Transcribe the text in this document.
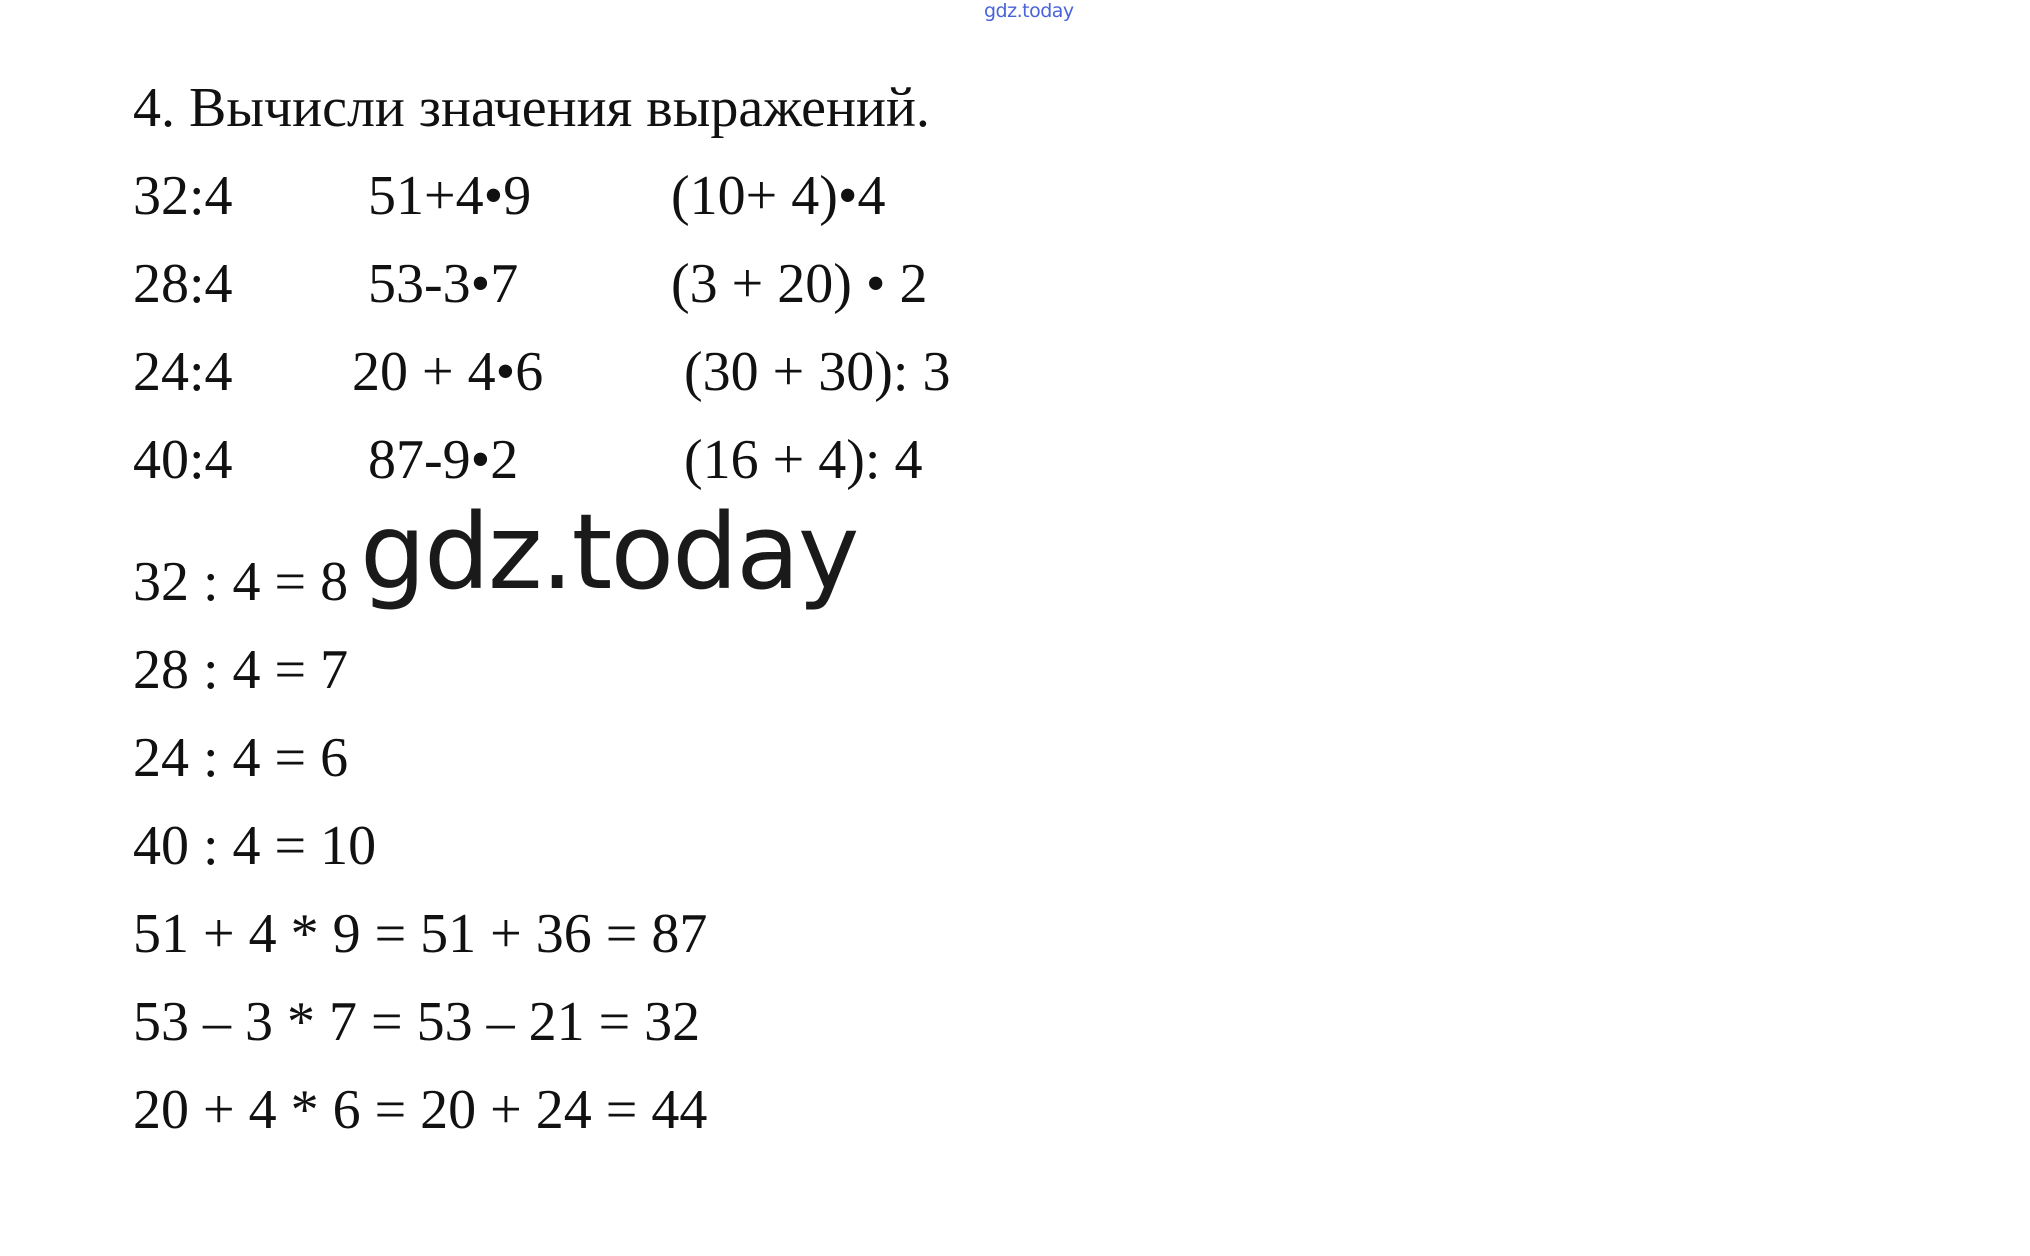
gdz.today
4. Вычисли значения выражений.
32:4 51+4•9 (10+ 4)•4
28:4 53-3•7	(3 + 20) • 2
24:4 20 + 4•6	(30 + 30): 3
40:4 87-9•2	(16 + 4): 4
32 : 4 = 8
28 : 4 = 7
24 : 4 = 6
40 : 4 = 10
51 + 4 * 9 = 51 + 36 = 87
53 – 3 * 7 = 53 – 21 = 32
20 + 4 * 6 = 20 + 24 = 44
gdz.today
